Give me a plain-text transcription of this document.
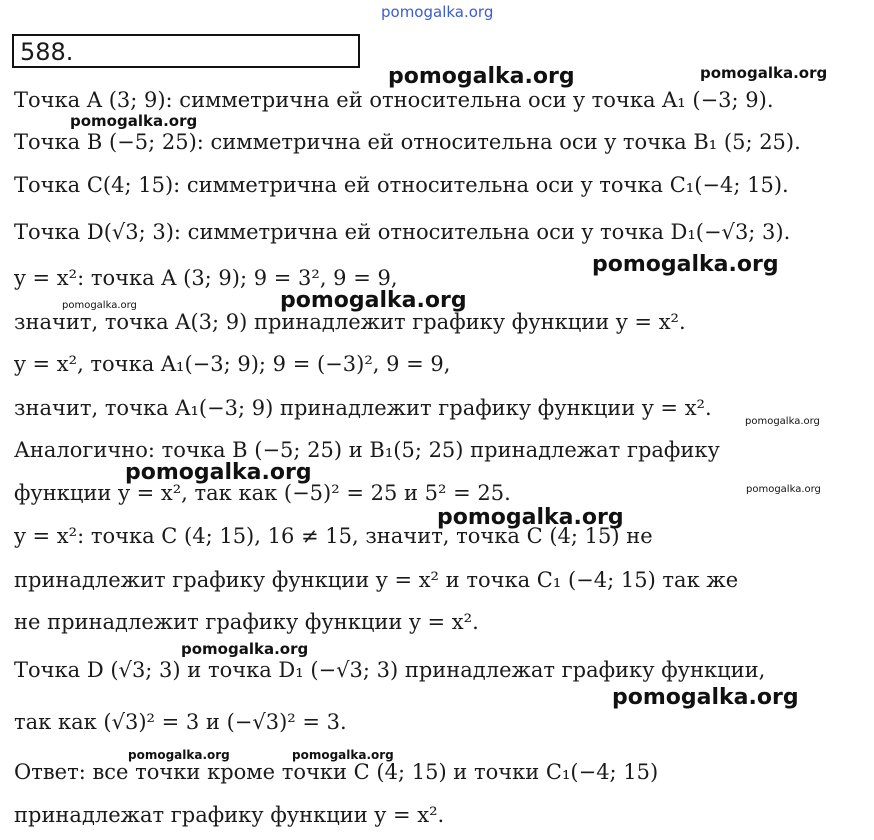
pomogalka.org
588.
Точка A (3; 9): симметрична ей относительна оси y точка A₁ (−3; 9).
Точка B (−5; 25): симметрична ей относительна оси y точка B₁ (5; 25).
Точка C(4; 15): симметрична ей относительна оси y точка C₁(−4; 15).
Точка D(√3; 3): симметрична ей относительна оси y точка D₁(−√3; 3).
y = x²: точка A (3; 9); 9 = 3², 9 = 9,
значит, точка A(3; 9) принадлежит графику функции y = x².
y = x², точка A₁(−3; 9); 9 = (−3)², 9 = 9,
значит, точка A₁(−3; 9) принадлежит графику функции y = x².
Аналогично: точка B (−5; 25) и B₁(5; 25) принадлежат графику
функции y = x², так как (−5)² = 25 и 5² = 25.
y = x²: точка C (4; 15), 16 ≠ 15, значит, точка C (4; 15) не
принадлежит графику функции y = x² и точка C₁ (−4; 15) так же
не принадлежит графику функции y = x².
Точка D (√3; 3) и точка D₁ (−√3; 3) принадлежат графику функции,
так как (√3)² = 3 и (−√3)² = 3.
Ответ: все точки кроме точки C (4; 15) и точки C₁(−4; 15)
принадлежат графику функции y = x².
pomogalka.org	pomogalka.org
pomogalka.org
pomogalka.org
pomogalka.org
pomogalka.org
pomogalka.org
pomogalka.org
pomogalka.org
pomogalka.org
pomogalka.org
pomogalka.org
pomogalka.org	pomogalka.org
